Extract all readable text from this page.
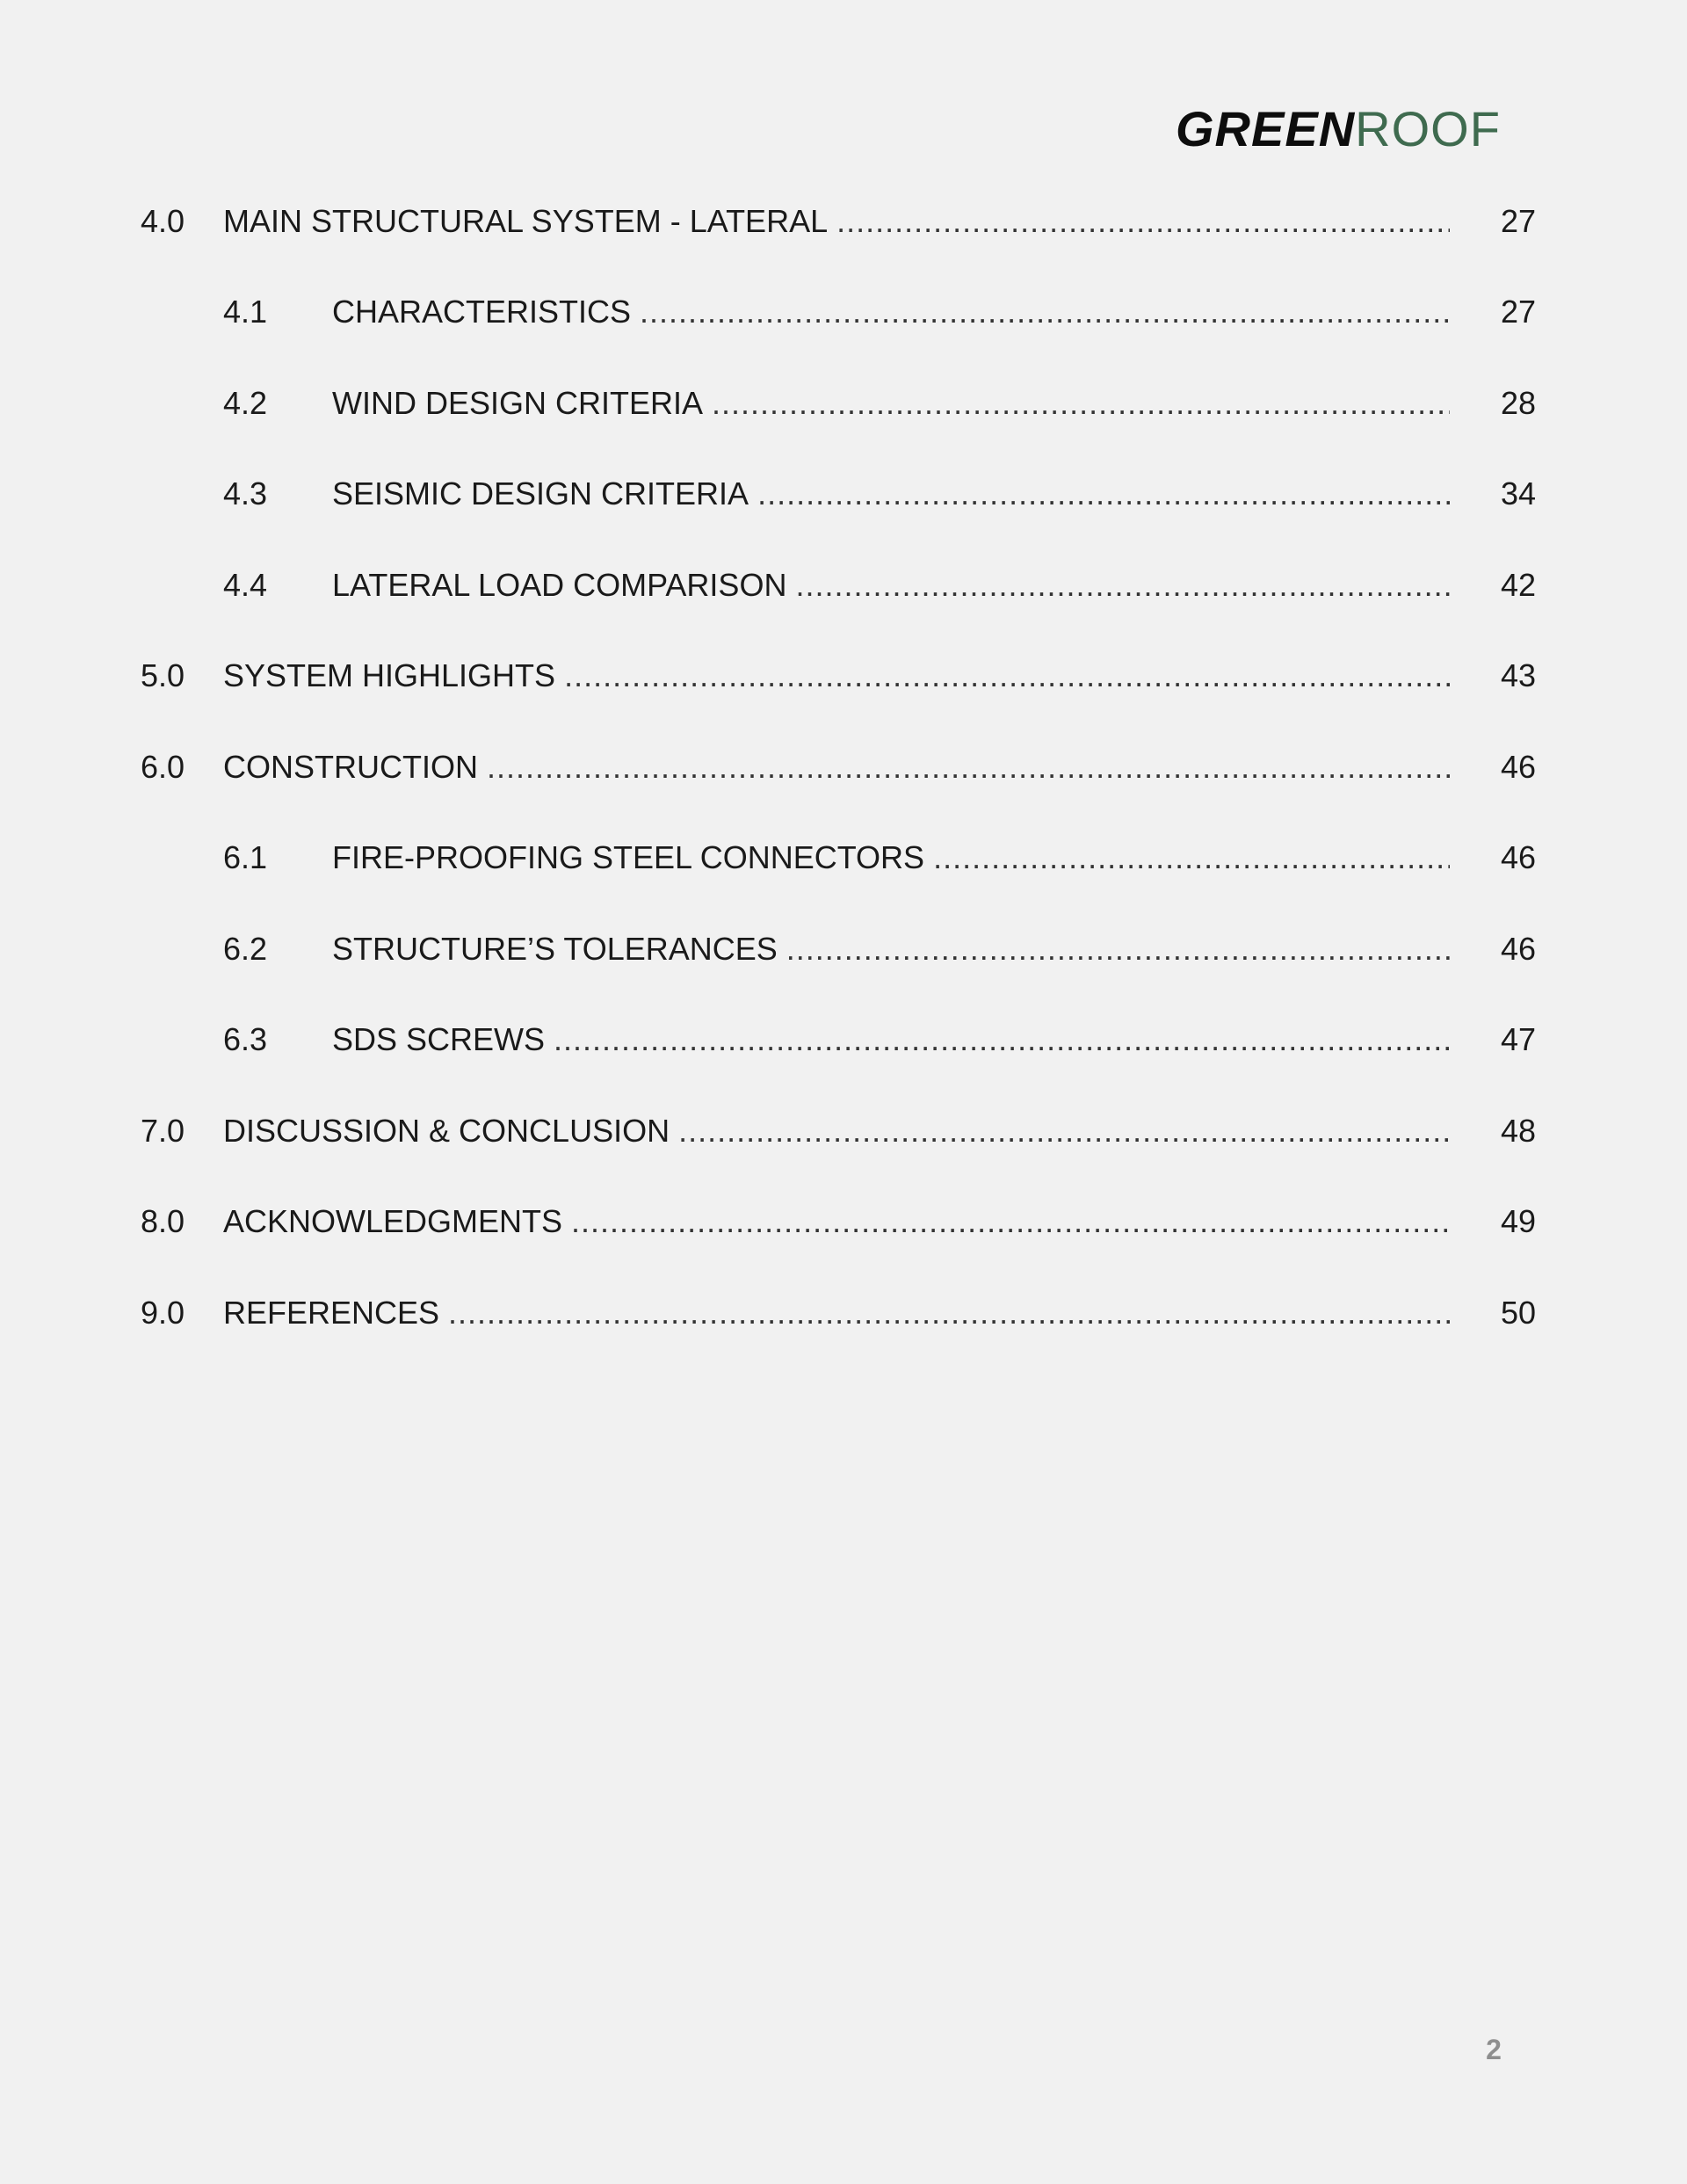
GREENROOF
4.0 MAIN STRUCTURAL SYSTEM - LATERAL .....	27
4.1 CHARACTERISTICS .....	27
4.2 WIND DESIGN CRITERIA .....	28
4.3 SEISMIC DESIGN CRITERIA .....	34
4.4 LATERAL LOAD COMPARISON .....	42
5.0 SYSTEM HIGHLIGHTS .....	43
6.0 CONSTRUCTION .....	46
6.1 FIRE-PROOFING STEEL CONNECTORS .....	46
6.2 STRUCTURE’S TOLERANCES .....	46
6.3 SDS SCREWS .....	47
7.0 DISCUSSION & CONCLUSION .....	48
8.0 ACKNOWLEDGMENTS .....	49
9.0 REFERENCES .....	50
2
